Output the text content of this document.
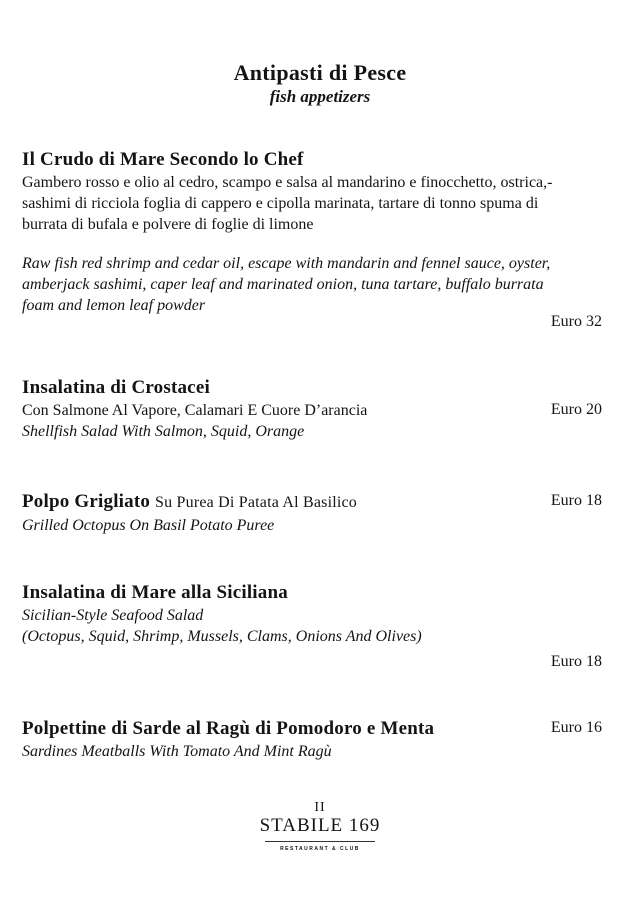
Antipasti di Pesce
fish appetizers
Il Crudo di Mare Secondo lo Chef
Gambero rosso e olio al cedro, scampo e salsa al mandarino e finocchetto, ostrica,-
sashimi di ricciola foglia di cappero e cipolla marinata, tartare di tonno spuma di
burrata di bufala e polvere di foglie di limone
Raw fish red shrimp and cedar oil, escape with mandarin and fennel sauce, oyster,
amberjack sashimi, caper leaf and marinated onion, tuna tartare, buffalo burrata
foam and lemon leaf powder
Euro 32
Insalatina di Crostacei
Con Salmone Al Vapore, Calamari E Cuore D’arancia
Shellfish Salad With Salmon, Squid, Orange
Euro 20
Polpo Grigliato Su Purea Di Patata Al Basilico
Grilled Octopus On Basil Potato Puree
Euro 18
Insalatina di Mare alla Siciliana
Sicilian-Style Seafood Salad
(Octopus, Squid, Shrimp, Mussels, Clams, Onions And Olives)
Euro 18
Polpettine di Sarde al Ragù di Pomodoro e Menta
Sardines Meatballs With Tomato And Mint Ragù
Euro 16
II
STABILE 169
RESTAURANT & CLUB
